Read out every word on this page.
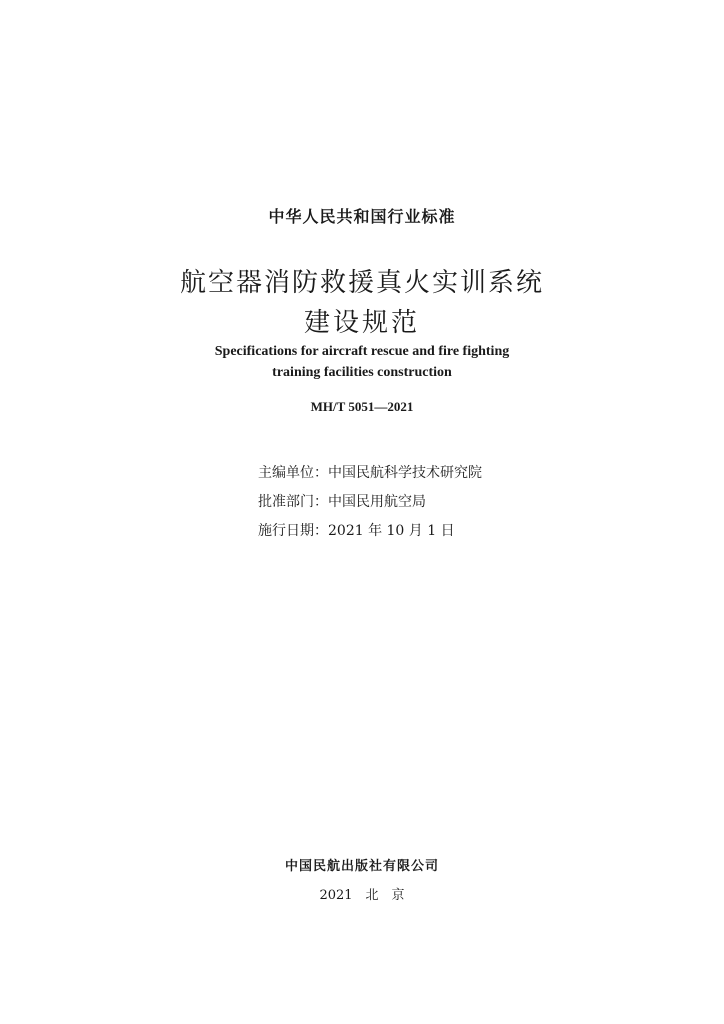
中华人民共和国行业标准
航空器消防救援真火实训系统
建设规范
Specifications for aircraft rescue and fire fighting
training facilities construction
MH/T 5051—2021
主编单位：中国民航科学技术研究院
批准部门：中国民用航空局
施行日期：2021 年 10 月 1 日
中国民航出版社有限公司
2021　北　京
